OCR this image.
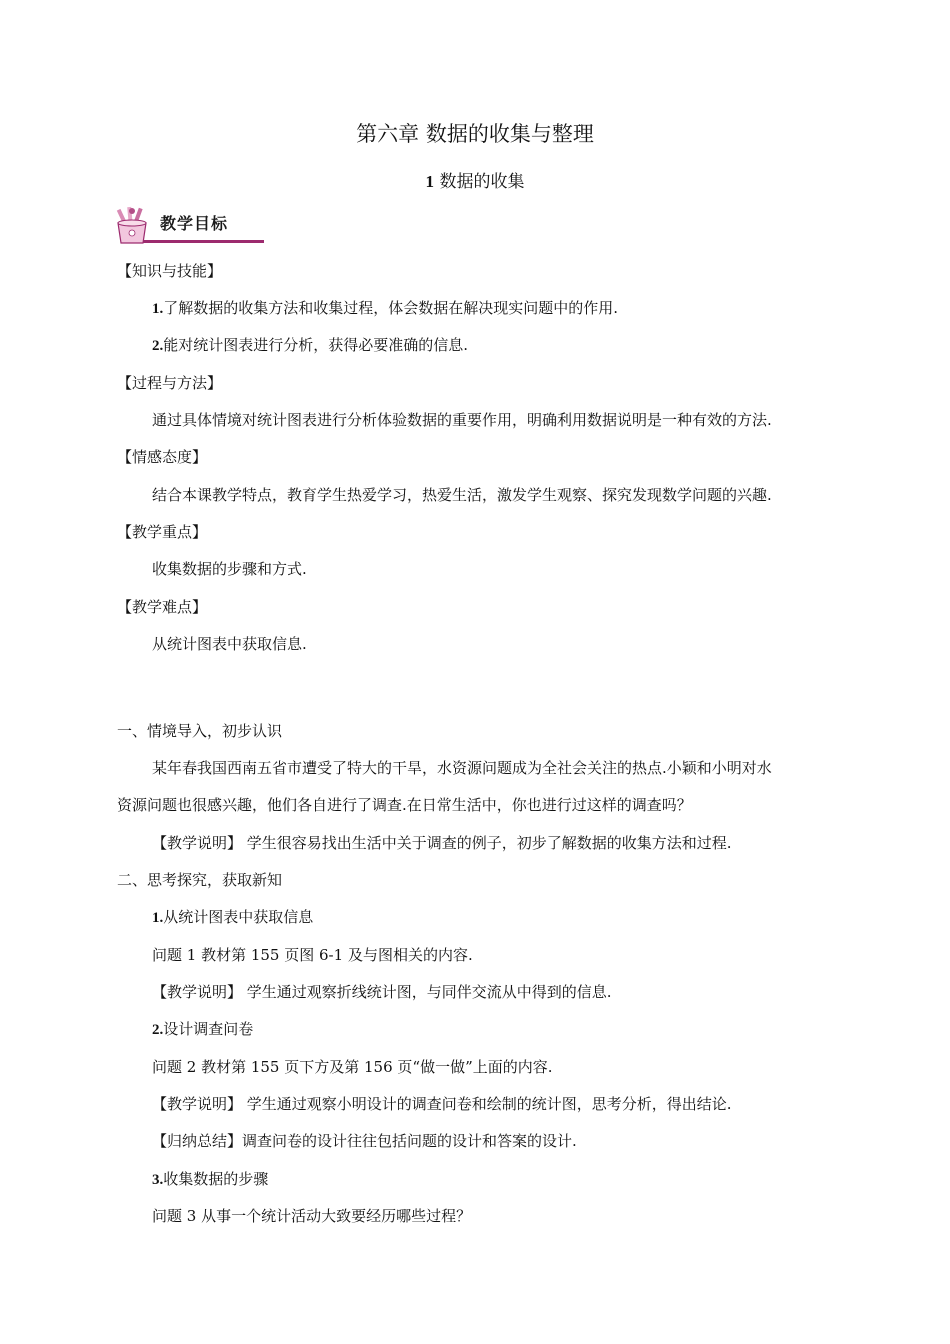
第六章 数据的收集与整理
1 数据的收集
教学目标
【知识与技能】
1.了解数据的收集方法和收集过程，体会数据在解决现实问题中的作用.
2.能对统计图表进行分析，获得必要准确的信息.
【过程与方法】
通过具体情境对统计图表进行分析体验数据的重要作用，明确利用数据说明是一种有效的方法.
【情感态度】
结合本课教学特点，教育学生热爱学习，热爱生活，激发学生观察、探究发现数学问题的兴趣.
【教学重点】
收集数据的步骤和方式.
【教学难点】
从统计图表中获取信息.
一、情境导入，初步认识
某年春我国西南五省市遭受了特大的干旱，水资源问题成为全社会关注的热点.小颖和小明对水
资源问题也很感兴趣，他们各自进行了调查.在日常生活中，你也进行过这样的调查吗？
【教学说明】 学生很容易找出生活中关于调查的例子，初步了解数据的收集方法和过程.
二、思考探究，获取新知
1.从统计图表中获取信息
问题 1 教材第 155 页图 6-1 及与图相关的内容.
【教学说明】 学生通过观察折线统计图，与同伴交流从中得到的信息.
2.设计调查问卷
问题 2 教材第 155 页下方及第 156 页“做一做”上面的内容.
【教学说明】 学生通过观察小明设计的调查问卷和绘制的统计图，思考分析，得出结论.
【归纳总结】调查问卷的设计往往包括问题的设计和答案的设计.
3.收集数据的步骤
问题 3 从事一个统计活动大致要经历哪些过程？
